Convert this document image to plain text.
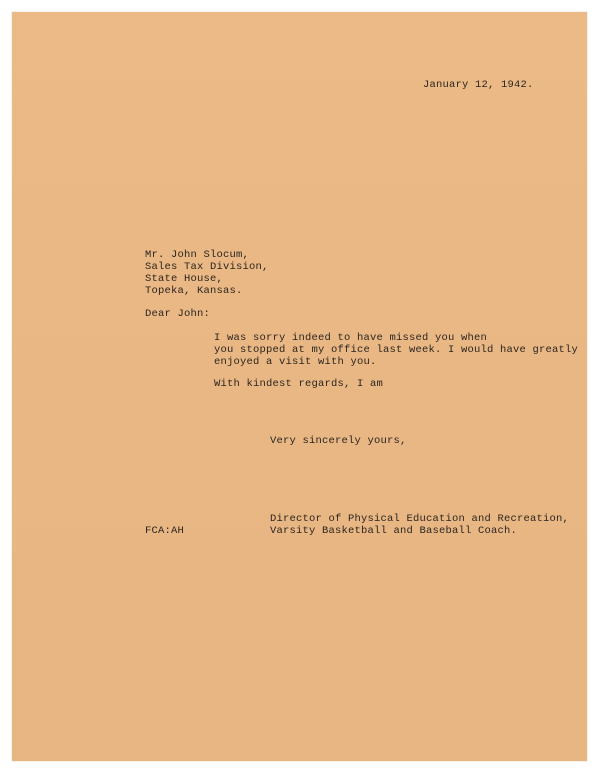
January 12, 1942.
Mr. John Slocum,
Sales Tax Division,
State House,
Topeka, Kansas.
Dear John:
I was sorry indeed to have missed you when
you stopped at my office last week. I would have greatly
enjoyed a visit with you.
With kindest regards, I am
Very sincerely yours,
Director of Physical Education and Recreation,
Varsity Basketball and Baseball Coach.
FCA:AH
